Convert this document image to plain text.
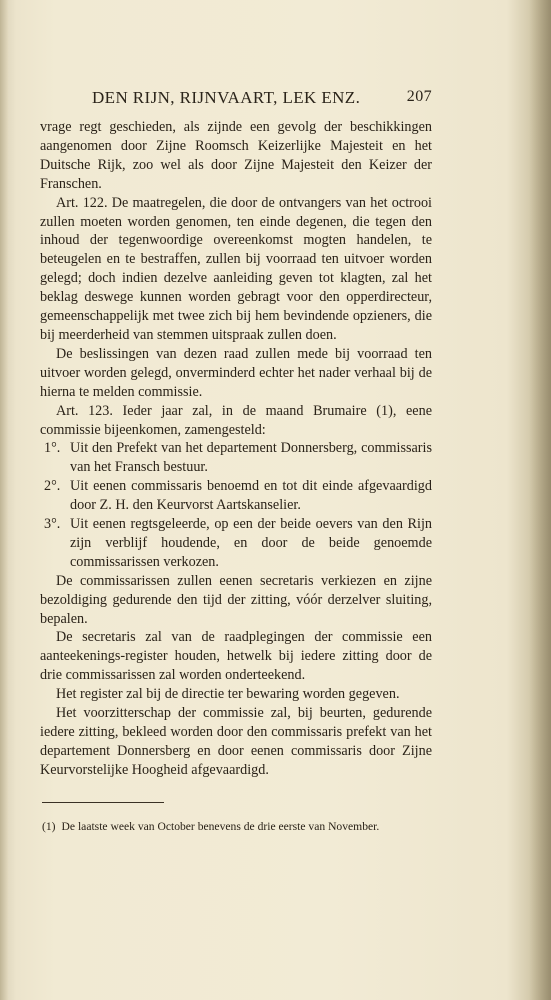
DEN RIJN, RIJNVAART, LEK ENZ.	207

vrage regt geschieden, als zijnde een gevolg der beschikkingen aangenomen door Zijne Roomsch Keizerlijke Majesteit en het Duitsche Rijk, zoo wel als door Zijne Majesteit den Keizer der Franschen.

Art. 122. De maatregelen, die door de ontvangers van het octrooi zullen moeten worden genomen, ten einde degenen, die tegen den inhoud der tegenwoordige overeenkomst mogten handelen, te beteugelen en te bestraffen, zullen bij voorraad ten uitvoer worden gelegd; doch indien dezelve aanleiding geven tot klagten, zal het beklag deswege kunnen worden gebragt voor den opperdirecteur, gemeenschappelijk met twee zich bij hem bevindende opzieners, die bij meerderheid van stemmen uitspraak zullen doen.

De beslissingen van dezen raad zullen mede bij voorraad ten uitvoer worden gelegd, onverminderd echter het nader verhaal bij de hierna te melden commissie.

Art. 123. Ieder jaar zal, in de maand Brumaire (1), eene commissie bijeenkomen, zamengesteld:

1°. Uit den Prefekt van het departement Donnersberg, commissaris van het Fransch bestuur.

2°. Uit eenen commissaris benoemd en tot dit einde afgevaardigd door Z. H. den Keurvorst Aartskanselier.

3°. Uit eenen regtsgeleerde, op een der beide oevers van den Rijn zijn verblijf houdende, en door de beide genoemde commissarissen verkozen.

De commissarissen zullen eenen secretaris verkiezen en zijne bezoldiging gedurende den tijd der zitting, vóór derzelver sluiting, bepalen.

De secretaris zal van de raadplegingen der commissie een aanteekenings-register houden, hetwelk bij iedere zitting door de drie commissarissen zal worden onderteekend.

Het register zal bij de directie ter bewaring worden gegeven.

Het voorzitterschap der commissie zal, bij beurten, gedurende iedere zitting, bekleed worden door den commissaris prefekt van het departement Donnersberg en door eenen commissaris door Zijne Keurvorstelijke Hoogheid afgevaardigd.

(1) De laatste week van October benevens de drie eerste van November.
